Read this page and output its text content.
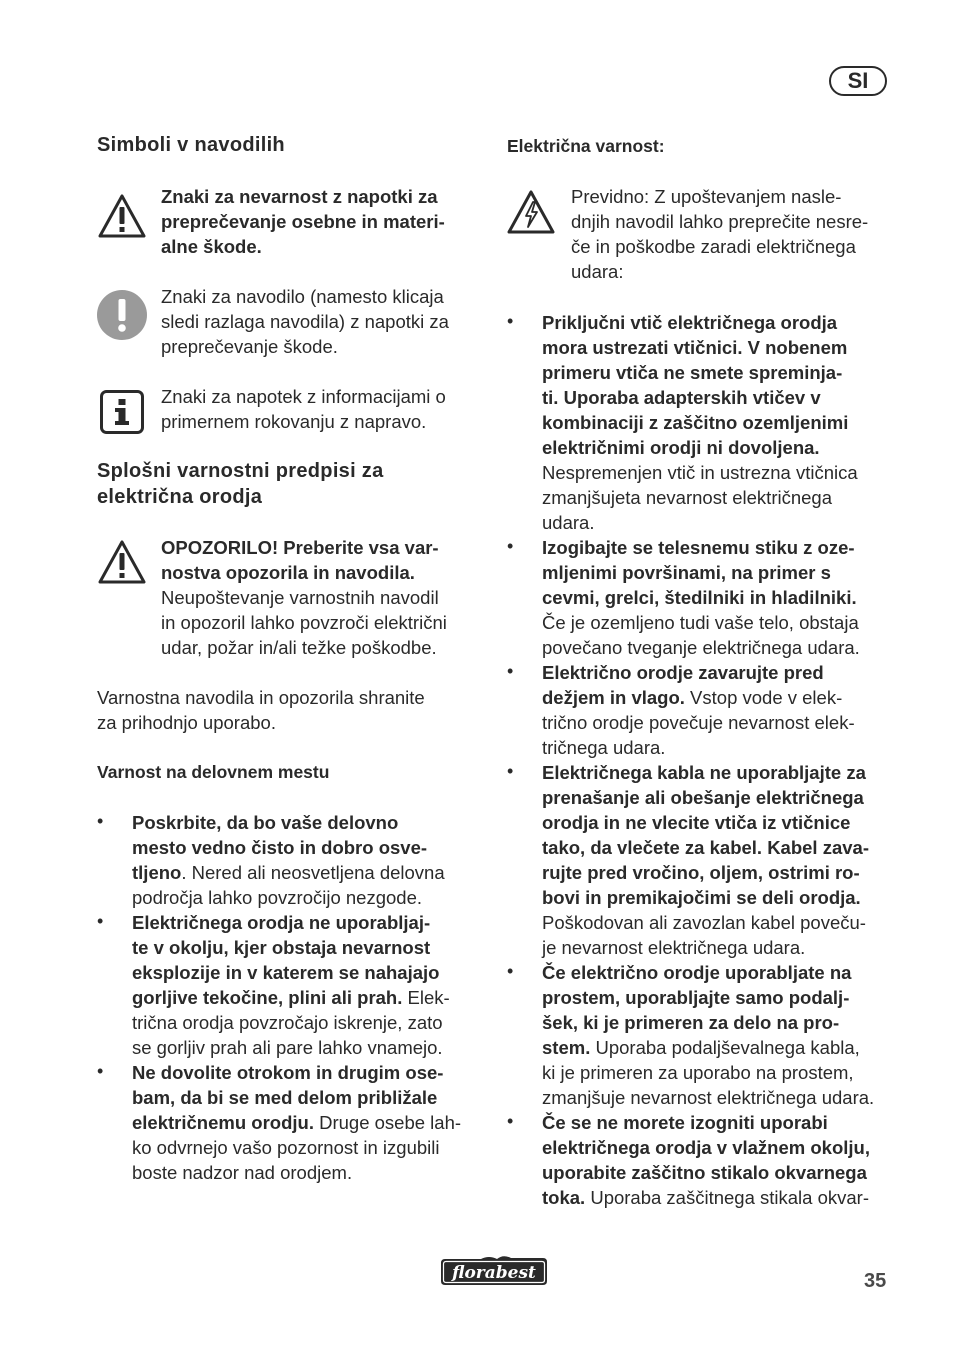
SI
Simboli v navodilih
Znaki za nevarnost z napotki za
preprečevanje osebne in materi-
alne škode.
Znaki za navodilo (namesto klicaja
sledi razlaga navodila) z napotki za
preprečevanje škode.
Znaki za napotek z informacijami o
primernem rokovanju z napravo.
Splošni varnostni predpisi za
električna orodja
OPOZORILO! Preberite vsa var-
nostva opozorila in navodila.
Neupoštevanje varnostnih navodil
in opozoril lahko povzroči električni
udar, požar in/ali težke poškodbe.
Varnostna navodila in opozorila shranite
za prihodnjo uporabo.
Varnost na delovnem mestu
• Poskrbite, da bo vaše delovno
mesto vedno čisto in dobro osve-
tljeno. Nered ali neosvetljena delovna
področja lahko povzročijo nezgode.
• Električnega orodja ne uporabljaj-
te v okolju, kjer obstaja nevarnost
eksplozije in v katerem se nahajajo
gorljive tekočine, plini ali prah. Elek-
trična orodja povzročajo iskrenje, zato
se gorljiv prah ali pare lahko vnamejo.
• Ne dovolite otrokom in drugim ose-
bam, da bi se med delom približale
električnemu orodju. Druge osebe lah-
ko odvrnejo vašo pozornost in izgubili
boste nadzor nad orodjem.
Električna varnost:
Previdno: Z upoštevanjem nasle-
dnjih navodil lahko preprečite nesre-
če in poškodbe zaradi električnega
udara:
• Priključni vtič električnega orodja
mora ustrezati vtičnici. V nobenem
primeru vtiča ne smete spreminja-
ti. Uporaba adapterskih vtičev v
kombinaciji z zaščitno ozemljenimi
električnimi orodji ni dovoljena.
Nespremenjen vtič in ustrezna vtičnica
zmanjšujeta nevarnost električnega
udara.
• Izogibajte se telesnemu stiku z oze-
mljenimi površinami, na primer s
cevmi, grelci, štedilniki in hladilniki.
Če je ozemljeno tudi vaše telo, obstaja
povečano tveganje električnega udara.
• Električno orodje zavarujte pred
dežjem in vlago. Vstop vode v elek-
trično orodje povečuje nevarnost elek-
tričnega udara.
• Električnega kabla ne uporabljajte za
prenašanje ali obešanje električnega
orodja in ne vlecite vtiča iz vtičnice
tako, da vlečete za kabel. Kabel zava-
rujte pred vročino, oljem, ostrimi ro-
bovi in premikajočimi se deli orodja.
Poškodovan ali zavozlan kabel poveču-
je nevarnost električnega udara.
• Če električno orodje uporabljate na
prostem, uporabljajte samo podalj-
šek, ki je primeren za delo na pro-
stem. Uporaba podaljševalnega kabla,
ki je primeren za uporabo na prostem,
zmanjšuje nevarnost električnega udara.
• Če se ne morete izogniti uporabi
električnega orodja v vlažnem okolju,
uporabite zaščitno stikalo okvarnega
toka. Uporaba zaščitnega stikala okvar-
florabest	35
